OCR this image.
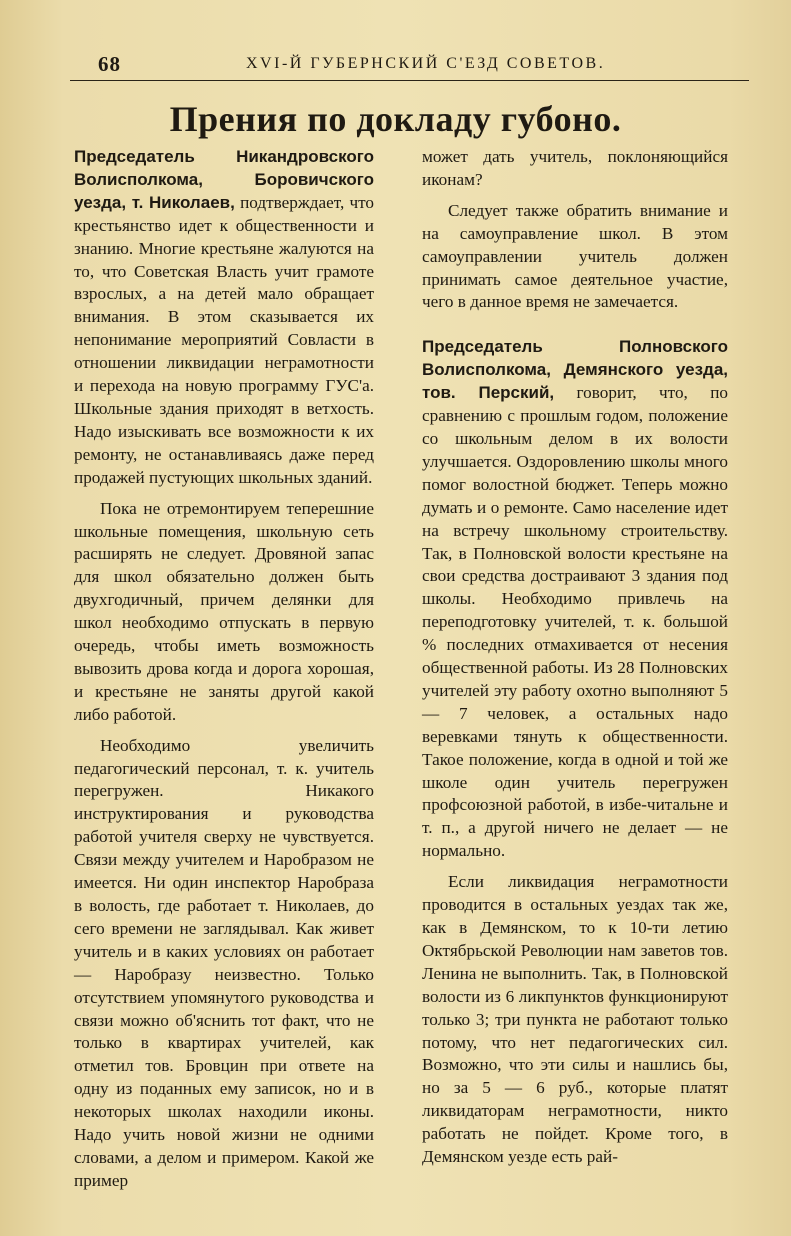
68	XVI-Й ГУБЕРНСКИЙ С'ЕЗД СОВЕТОВ.
Прения по докладу губоно.

Председатель Никандровского Волисполкома, Боровичского уезда, т. Николаев, подтверждает, что крестьянство идет к общественности и знанию. Многие крестьяне жалуются на то, что Советская Власть учит грамоте взрослых, а на детей мало обращает внимания. В этом сказывается их непонимание мероприятий Совласти в отношении ликвидации неграмотности и перехода на новую программу ГУС'а. Школьные здания приходят в ветхость. Надо изыскивать все возможности к их ремонту, не останавливаясь даже перед продажей пустующих школьных зданий.

Пока не отремонтируем теперешние школьные помещения, школьную сеть расширять не следует. Дровяной запас для школ обязательно должен быть двухгодичный, причем делянки для школ необходимо отпускать в первую очередь, чтобы иметь возможность вывозить дрова когда и дорога хорошая, и крестьяне не заняты другой какой либо работой.

Необходимо увеличить педагогический персонал, т. к. учитель перегружен. Никакого инструктирования и руководства работой учителя сверху не чувствуется. Связи между учителем и Наробразом не имеется. Ни один инспектор Наробраза в волость, где работает т. Николаев, до сего времени не заглядывал. Как живет учитель и в каких условиях он работает — Наробразу неизвестно. Только отсутствием упомянутого руководства и связи можно об'яснить тот факт, что не только в квартирах учителей, как отметил тов. Бровцин при ответе на одну из поданных ему записок, но и в некоторых школах находили иконы. Надо учить новой жизни не одними словами, а делом и примером. Какой же пример

может дать учитель, поклоняющийся иконам?

Следует также обратить внимание и на самоуправление школ. В этом самоуправлении учитель должен принимать самое деятельное участие, чего в данное время не замечается.

Председатель Полновского Волисполкома, Демянского уезда, тов. Перский, говорит, что, по сравнению с прошлым годом, положение со школьным делом в их волости улучшается. Оздоровлению школы много помог волостной бюджет. Теперь можно думать и о ремонте. Само население идет на встречу школьному строительству. Так, в Полновской волости крестьяне на свои средства достраивают 3 здания под школы. Необходимо привлечь на переподготовку учителей, т. к. большой % последних отмахивается от несения общественной работы. Из 28 Полновских учителей эту работу охотно выполняют 5 — 7 человек, а остальных надо веревками тянуть к общественности. Такое положение, когда в одной и той же школе один учитель перегружен профсоюзной работой, в избе-читальне и т. п., а другой ничего не делает — не нормально.

Если ликвидация неграмотности проводится в остальных уездах так же, как в Демянском, то к 10-ти летию Октябрьской Революции нам заветов тов. Ленина не выполнить. Так, в Полновской волости из 6 ликпунктов функционируют только 3; три пункта не работают только потому, что нет педагогических сил. Возможно, что эти силы и нашлись бы, но за 5 — 6 руб., которые платят ликвидаторам неграмотности, никто работать не пойдет. Кроме того, в Демянском уезде есть рай-
